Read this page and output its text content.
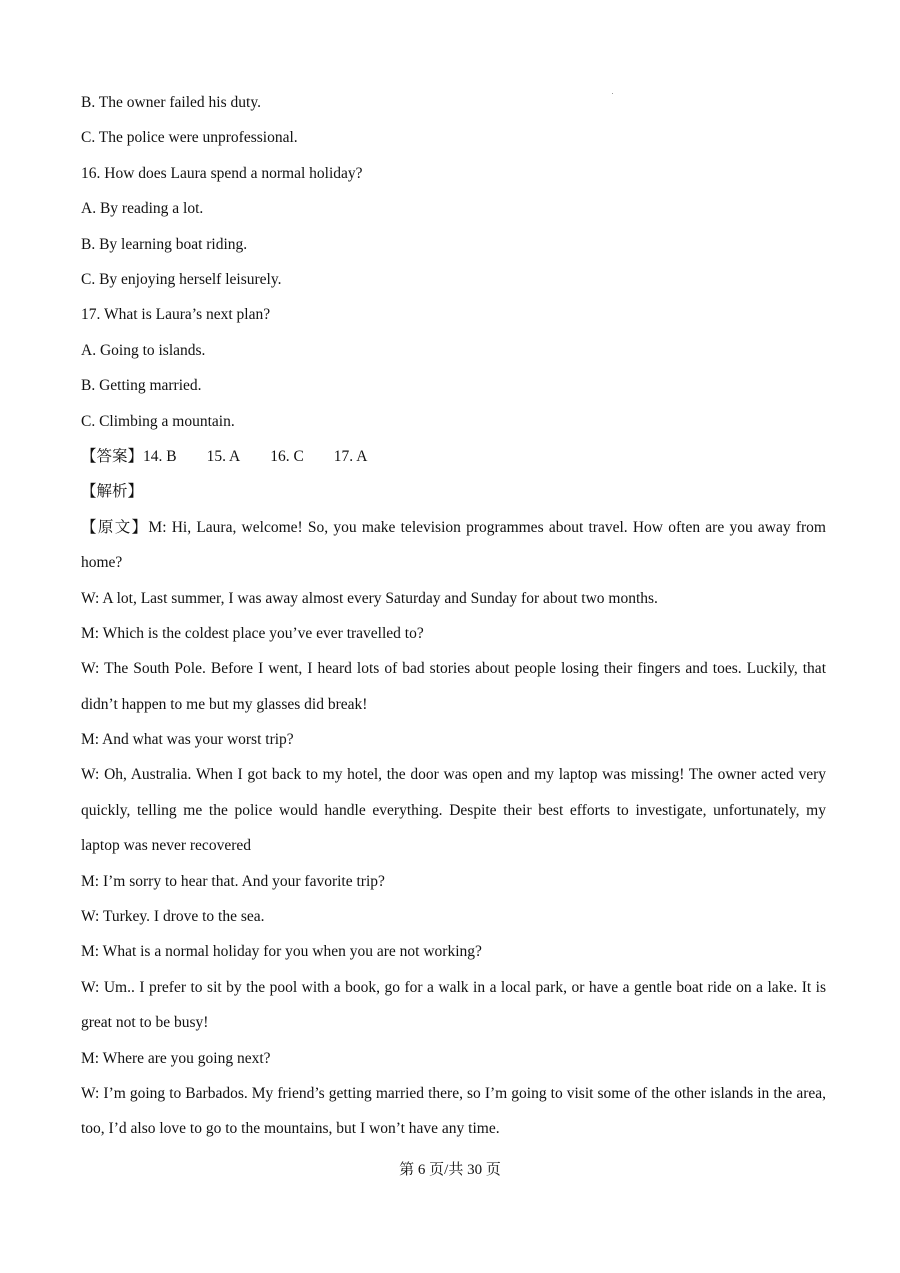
B. The owner failed his duty.

C. The police were unprofessional.

16. How does Laura spend a normal holiday?

A. By reading a lot.

B. By learning boat riding.

C. By enjoying herself leisurely.

17. What is Laura’s next plan?

A. Going to islands.

B. Getting married.

C. Climbing a mountain.

【答案】14. B 15. A 16. C 17. A

【解析】

【原文】M: Hi, Laura, welcome! So, you make television programmes about travel. How often are you away from home?

W: A lot, Last summer, I was away almost every Saturday and Sunday for about two months.

M: Which is the coldest place you’ve ever travelled to?

W: The South Pole. Before I went, I heard lots of bad stories about people losing their fingers and toes. Luckily, that didn’t happen to me but my glasses did break!

M: And what was your worst trip?

W: Oh, Australia. When I got back to my hotel, the door was open and my laptop was missing! The owner acted very quickly, telling me the police would handle everything. Despite their best efforts to investigate, unfortunately, my laptop was never recovered

M: I’m sorry to hear that. And your favorite trip?

W: Turkey. I drove to the sea.

M: What is a normal holiday for you when you are not working?

W: Um.. I prefer to sit by the pool with a book, go for a walk in a local park, or have a gentle boat ride on a lake. It is great not to be busy!

M: Where are you going next?

W: I’m going to Barbados. My friend’s getting married there, so I’m going to visit some of the other islands in the area, too, I’d also love to go to the mountains, but I won’t have any time.

第 6 页/共 30 页
